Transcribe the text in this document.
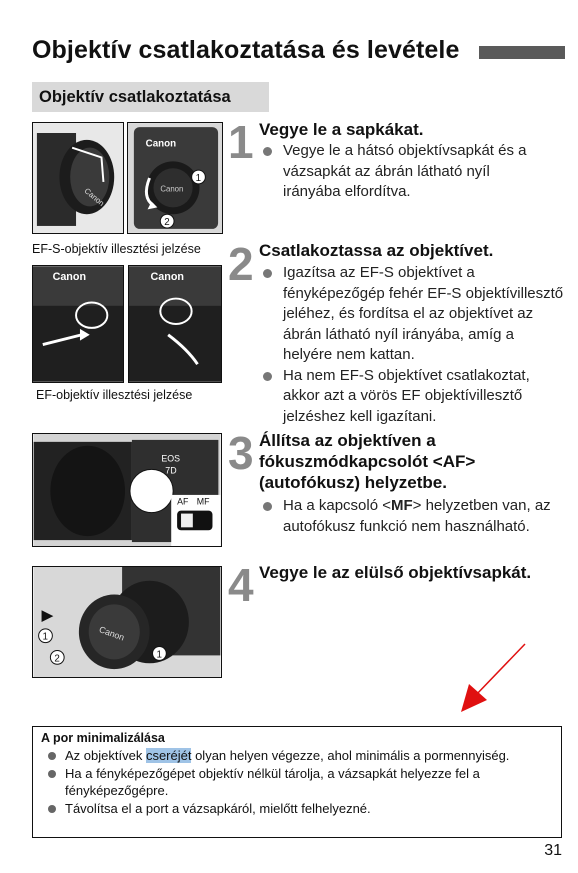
Objektív csatlakoztatása és levétele
Objektív csatlakoztatása
Canon
Canon
Canon
1
2
1 Vegye le a sapkákat.
Vegye le a hátsó objektívsapkát és a vázsapkát az ábrán látható nyíl irányába elfordítva.
EF-S-objektív illesztési jelzése
Canon	Canon
EF-objektív illesztési jelzése
2 Csatlakoztassa az objektívet.
Igazítsa az EF-S objektívet a fényképezőgép fehér EF-S objektívillesztő jeléhez, és fordítsa el az objektívet az ábrán látható nyíl irányába, amíg a helyére nem kattan.
Ha nem EF-S objektívet csatlakoztat, akkor azt a vörös EF objektívillesztő jelzéshez kell igazítani.
EOS
7D
AF MF
3 Állítsa az objektíven a
fókuszmódkapcsolót <AF>
(autofókusz) helyzetbe.
Ha a kapcsoló <MF> helyzetben van, az autofókusz funkció nem használható.
Canon
1
2	1
4 Vegye le az elülső objektívsapkát.
A por minimalizálása
Az objektívek cseréjét olyan helyen végezze, ahol minimális a pormennyiség.
Ha a fényképezőgépet objektív nélkül tárolja, a vázsapkát helyezze fel a fényképezőgépre.
Távolítsa el a port a vázsapkáról, mielőtt felhelyezné.
31
